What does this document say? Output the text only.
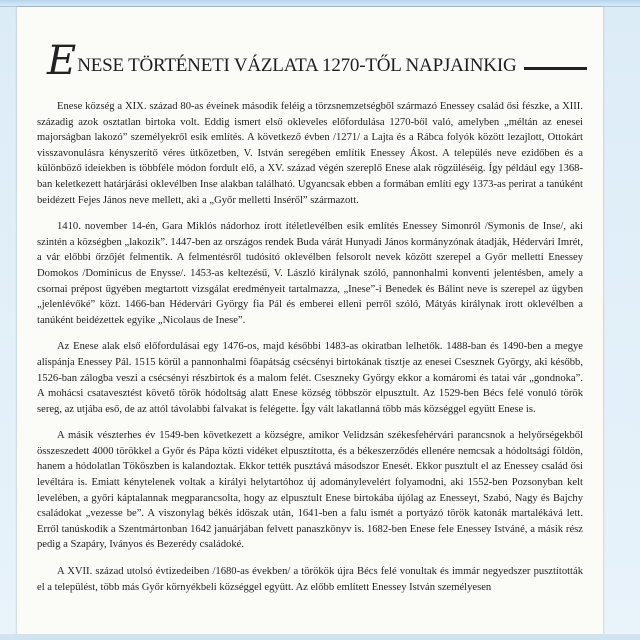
E NESE TÖRTÉNETI VÁZLATA 1270-TŐL NAPJAINKIG

Enese község a XIX. század 80-as éveinek második feléig a törzsnemzetségből származó Enessey család ősi fészke, a XIII. századig azok osztatlan birtoka volt. Eddig ismert első okleveles előfordulása 1270-ből való, amelyben „méltán az enesei majorságban lakozó” személyekről esik említés. A következő évben /1271/ a Lajta és a Rábca folyók között lezajlott, Ottokárt visszavonulásra kényszerítő véres ütközetben, V. István seregében említik Enessey Ákost. A település neve ezidőben és a különböző ideiekben is többféle módon fordult elő, a XV. század végén szereplő Enese alak rögzüléséig. Így például egy 1368-ban keletkezett határjárási oklevélben Inse alakban található. Ugyancsak ebben a formában említi egy 1373-as perirat a tanúként beidézett Fejes János neve mellett, aki a „Győr melletti Inséről” származott.

1410. november 14-én, Gara Miklós nádorhoz írott ítéletlevélben esik említés Enessey Simonról /Symonis de Inse/, aki szintén a községben „lakozik”. 1447-ben az országos rendek Buda várát Hunyadi János kormányzónak átadják, Hédervári Imrét, a vár előbbi őrzőjét felmentik. A felmentésről tudósító oklevélben felsorolt nevek között szerepel a Győr melletti Enessey Domokos /Dominicus de Enysse/. 1453-as keltezésű, V. László királynak szóló, pannonhalmi konventi jelentésben, amely a csornai prépost ügyében megtartott vizsgálat eredményeit tartalmazza, „Inese”-i Benedek és Bálint neve is szerepel az ügyben „jelenlévőké” közt. 1466-ban Hédervári György fia Pál és emberei elleni perről szóló, Mátyás királynak írott oklevélben a tanúként beidézettek egyike „Nicolaus de Inese”.

Az Enese alak első előfordulásai egy 1476-os, majd későbbi 1483-as okiratban lelhetők. 1488-ban és 1490-ben a megye alispánja Enessey Pál. 1515 körül a pannonhalmi főapátság csécsényi birtokának tisztje az enesei Csesznek György, aki később, 1526-ban zálogba veszi a csécsényi részbirtok és a malom felét. Cseszneky György ekkor a komáromi és tatai vár „gondnoka”. A mohácsi csatavesztést követő török hódoltság alatt Enese község többször elpusztult. Az 1529-ben Bécs felé vonuló török sereg, az utjába eső, de az attól távolabbi falvakat is felégette. Így vált lakatlanná több más községgel együtt Enese is.

A másik vészterhes év 1549-ben következett a községre, amikor Velidzsán székesfehérvári parancsnok a helyőrségekből összeszedett 4000 törökkel a Győr és Pápa közti vidéket elpusztította, és a békeszerződés ellenére nemcsak a hódoltsági földön, hanem a hódolatlan Tököszben is kalandoztak. Ekkor tették pusztává másodszor Enesét. Ekkor pusztult el az Enessey család ősi levéltára is. Emiatt kénytelenek voltak a királyi helytartóhoz új adománylevelért folyamodni, aki 1552-ben Pozsonyban kelt levelében, a győri káptalannak megparancsolta, hogy az elpusztult Enese birtokába újólag az Enesseyt, Szabó, Nagy és Bajchy családokat „vezesse be”. A viszonylag békés időszak után, 1641-ben a falu ismét a portyázó török katonák martalékává lett. Erről tanúskodik a Szentmártonban 1642 januárjában felvett panaszkönyv is. 1682-ben Enese fele Enessey Istváné, a másik rész pedig a Szapáry, Iványos és Bezerédy családoké.

A XVII. század utolsó évtizedeiben /1680-as években/ a törökök újra Bécs felé vonultak és immár negyedszer pusztították el a települést, több más Győr környékbeli községgel együtt. Az előbb említett Enessey István személyesen
